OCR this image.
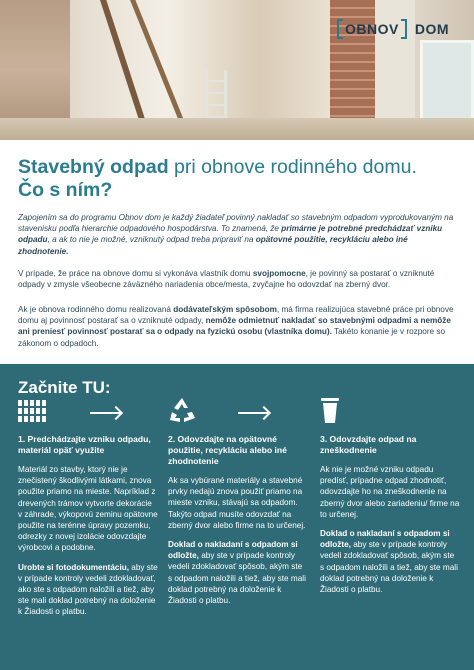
OBNOV DOM
Stavebný odpad pri obnove rodinného domu.
Čo s ním?
Zapojením sa do programu Obnov dom je každý žiadateľ povinný nakladať so stavebným odpadom vyprodukovaným na stavenisku podľa hierarchie odpadového hospodárstva. To znamená, že primárne je potrebné predchádzať vzniku odpadu, a ak to nie je možné, vzniknutý odpad treba pripraviť na opätovné použitie, recykláciu alebo iné zhodnotenie.
V prípade, že práce na obnove domu si vykonáva vlastník domu svojpomocne, je povinný sa postarať o vzniknuté odpady v zmysle všeobecne záväzného nariadenia obce/mesta, zvyčajne ho odovzdať na zberný dvor.
Ak je obnova rodinného domu realizovaná dodávateľským spôsobom, má firma realizujúca stavebné práce pri obnove domu aj povinnosť postarať sa o vzniknuté odpady, nemôže odmietnuť nakladať so stavebnými odpadmi a nemôže ani preniesť povinnosť postarať sa o odpady na fyzickú osobu (vlastníka domu). Takéto konanie je v rozpore so zákonom o odpadoch.
Začnite TU:
1. Predchádzajte vzniku odpadu, materiál opäť využite

Materiál zo stavby, ktorý nie je znečistený škodlivými látkami, znova použite priamo na mieste. Napríklad z drevených trámov vytvorte dekorácie v záhrade, výkopovú zeminu opätovne použite na terénne úpravy pozemku, odrezky z novej izolácie odovzdajte výrobcovi a podobne.

Urobte si fotodokumentáciu, aby ste v prípade kontroly vedeli zdokladovať, ako ste s odpadom naložili a tiež, aby ste mali doklad potrebný na doloženie k Žiadosti o platbu.

2. Odovzdajte na opätovné použitie, recykláciu alebo iné zhodnotenie

Ak sa vybúrané materiály a stavebné prvky nedajú znova použiť priamo na mieste vzniku, stávajú sa odpadom. Takýto odpad musíte odovzdať na zberný dvor alebo firme na to určenej.

Doklad o nakladaní s odpadom si odložte, aby ste v prípade kontroly vedeli zdokladovať spôsob, akým ste s odpadom naložili a tiež, aby ste mali doklad potrebný na doloženie k Žiadosti o platbu.

3. Odovzdajte odpad na zneškodnenie

Ak nie je možné vzniku odpadu predísť, prípadne odpad zhodnotiť, odovzdajte ho na zneškodnenie na zberný dvor alebo zariadeniu/ firme na to určenej.

Doklad o nakladaní s odpadom si odložte, aby ste v prípade kontroly vedeli zdokladovať spôsob, akým ste s odpadom naložili a tiež, aby ste mali doklad potrebný na doloženie k Žiadosti o platbu.
